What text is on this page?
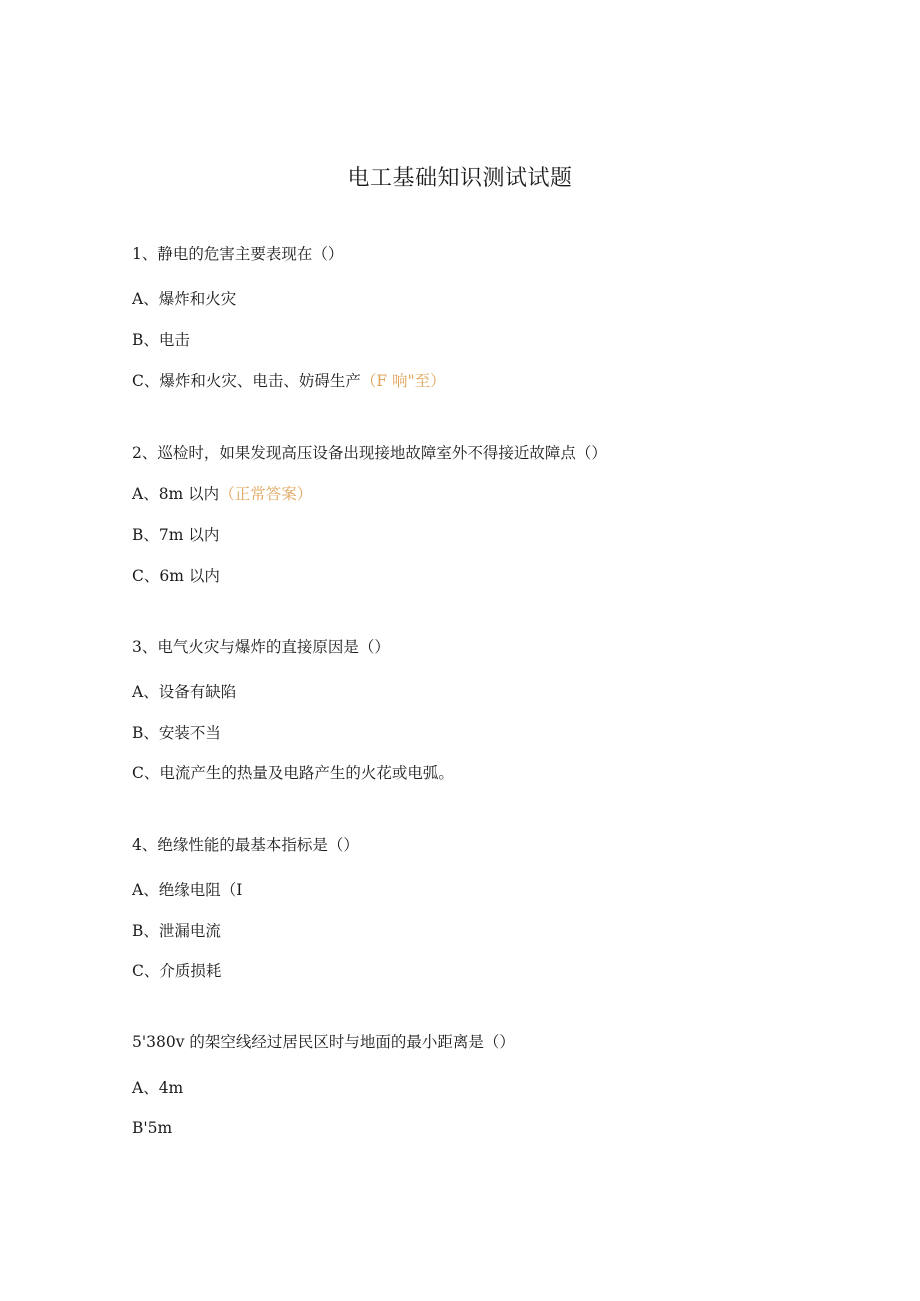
电工基础知识测试试题
1、静电的危害主要表现在（）
A、爆炸和火灾
B、电击
C、爆炸和火灾、电击、妨碍生产（F 响"至）
2、巡检时，如果发现高压设备出现接地故障室外不得接近故障点（）
A、8m 以内（正常答案）
B、7m 以内
C、6m 以内
3、电气火灾与爆炸的直接原因是（）
A、设备有缺陷
B、安装不当
C、电流产生的热量及电路产生的火花或电弧。
4、绝缘性能的最基本指标是（）
A、绝缘电阻（I
B、泄漏电流
C、介质损耗
5'380v 的架空线经过居民区时与地面的最小距离是（）
A、4m
B'5m
